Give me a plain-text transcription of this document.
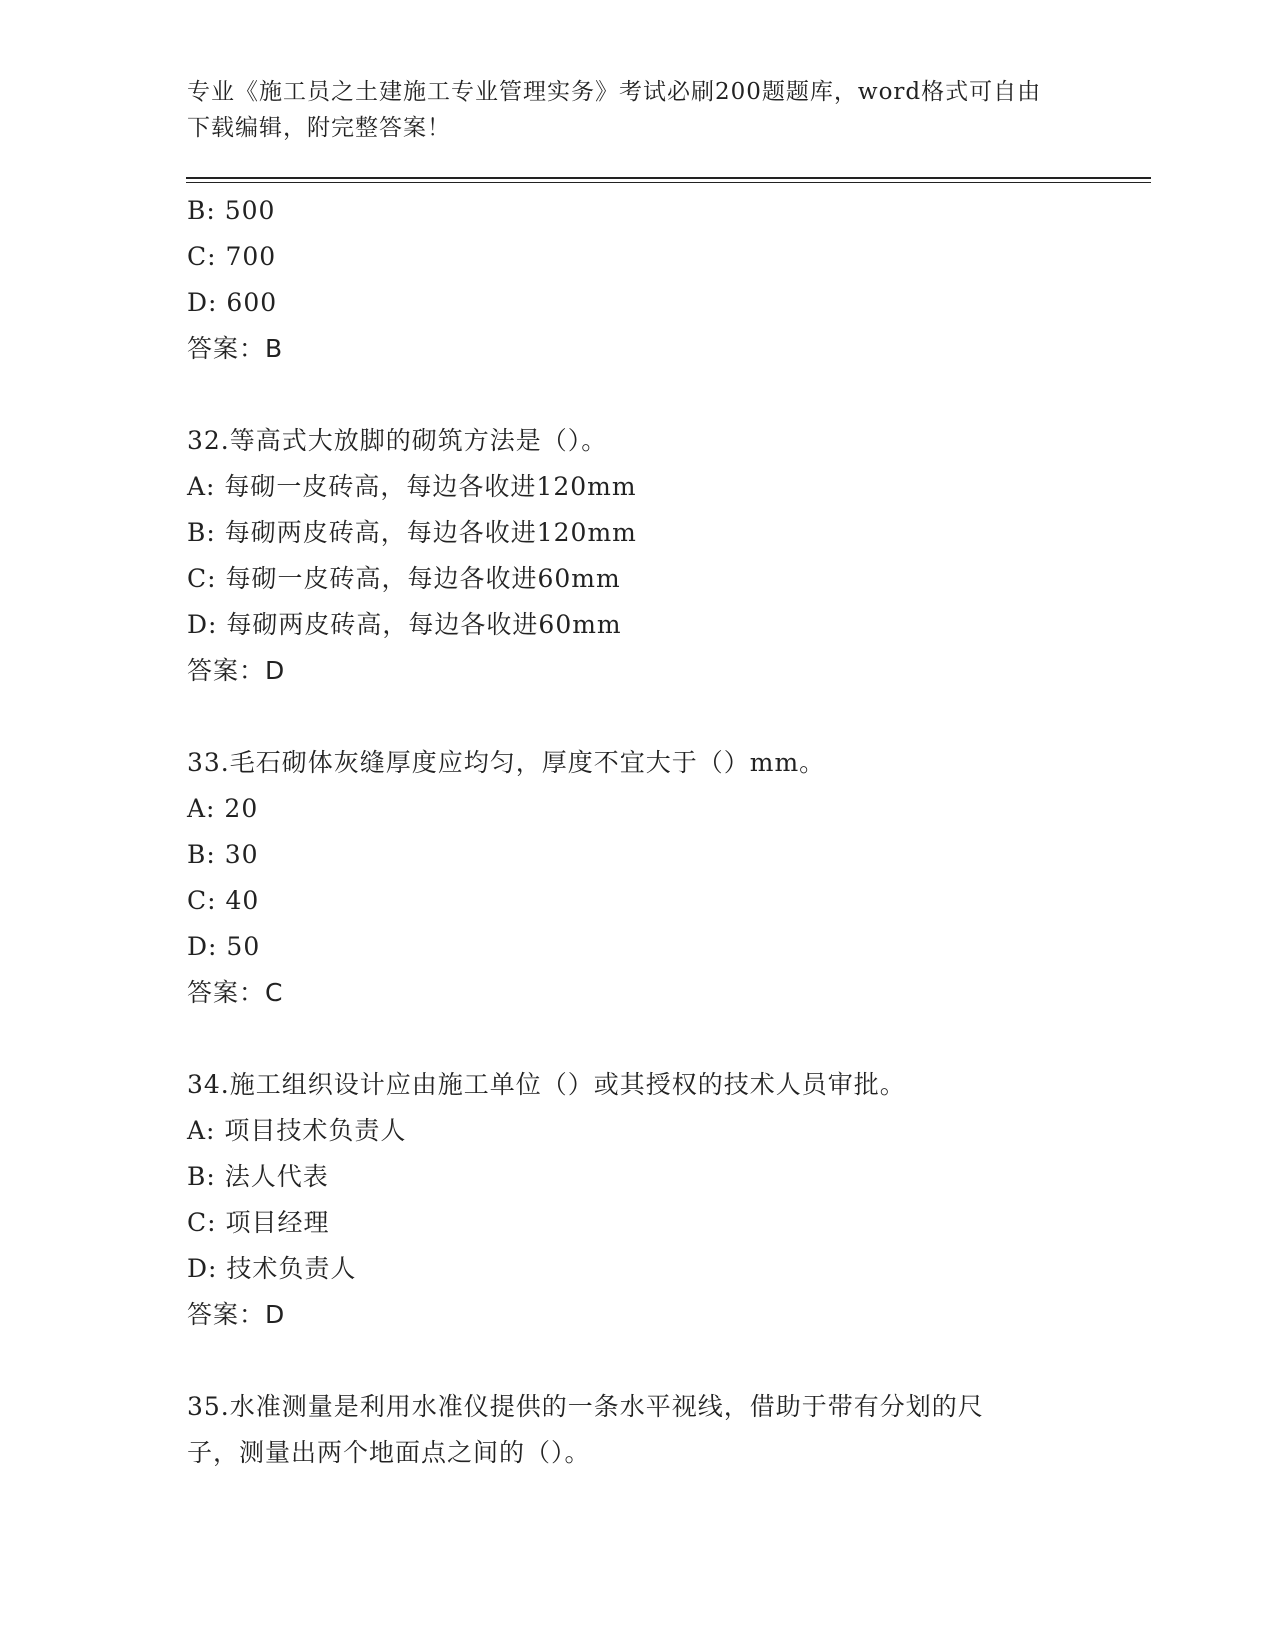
专业《施工员之土建施工专业管理实务》考试必刷200题题库，word格式可自由
下载编辑，附完整答案！
B: 500
C: 700
D: 600
答案：B
32.等高式大放脚的砌筑方法是（）。
A: 每砌一皮砖高，每边各收进120mm
B: 每砌两皮砖高，每边各收进120mm
C: 每砌一皮砖高，每边各收进60mm
D: 每砌两皮砖高，每边各收进60mm
答案：D
33.毛石砌体灰缝厚度应均匀，厚度不宜大于（）mm。
A: 20
B: 30
C: 40
D: 50
答案：C
34.施工组织设计应由施工单位（）或其授权的技术人员审批。
A: 项目技术负责人
B: 法人代表
C: 项目经理
D: 技术负责人
答案：D
35.水准测量是利用水准仪提供的一条水平视线，借助于带有分划的尺
子，测量出两个地面点之间的（）。
